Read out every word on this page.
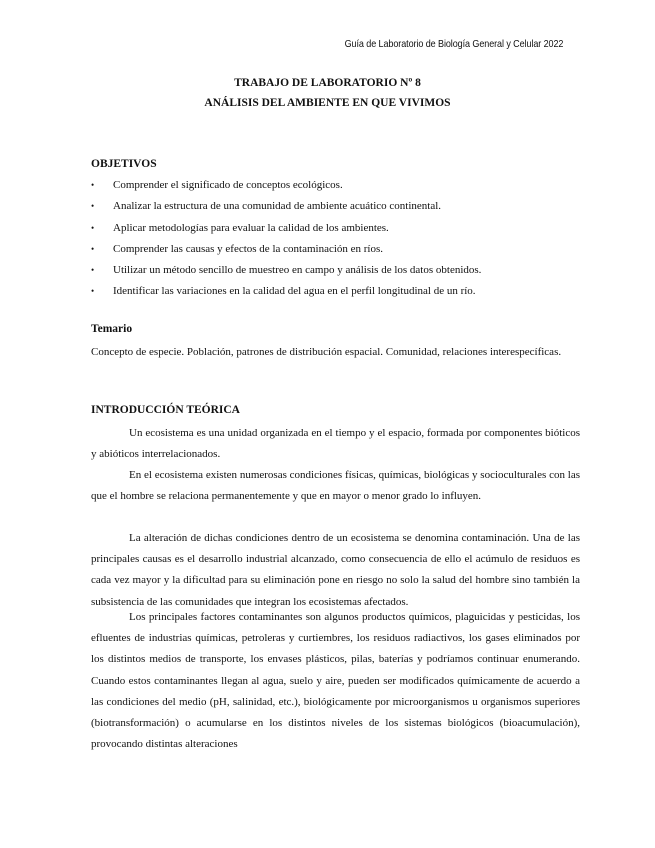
Guía de Laboratorio de Biología General y Celular 2022
TRABAJO DE LABORATORIO Nº 8
ANÁLISIS DEL AMBIENTE EN QUE VIVIMOS
OBJETIVOS
• Comprender el significado de conceptos ecológicos.
• Analizar la estructura de una comunidad de ambiente acuático continental.
• Aplicar metodologías para evaluar la calidad de los ambientes.
• Comprender las causas y efectos de la contaminación en ríos.
• Utilizar un método sencillo de muestreo en campo y análisis de los datos obtenidos.
• Identificar las variaciones en la calidad del agua en el perfil longitudinal de un río.
Temario

Concepto de especie. Población, patrones de distribución espacial. Comunidad, relaciones interespecíficas.

INTRODUCCIÓN TEÓRICA

Un ecosistema es una unidad organizada en el tiempo y el espacio, formada por componentes bióticos y abióticos interrelacionados.

En el ecosistema existen numerosas condiciones físicas, químicas, biológicas y socioculturales con las que el hombre se relaciona permanentemente y que en mayor o menor grado lo influyen.

La alteración de dichas condiciones dentro de un ecosistema se denomina contaminación. Una de las principales causas es el desarrollo industrial alcanzado, como consecuencia de ello el acúmulo de residuos es cada vez mayor y la dificultad para su eliminación pone en riesgo no solo la salud del hombre sino también la subsistencia de las comunidades que integran los ecosistemas afectados.

Los principales factores contaminantes son algunos productos químicos, plaguicidas y pesticidas, los efluentes de industrias químicas, petroleras y curtiembres, los residuos radiactivos, los gases eliminados por los distintos medios de transporte, los envases plásticos, pilas, baterías y podríamos continuar enumerando. Cuando estos contaminantes llegan al agua, suelo y aire, pueden ser modificados químicamente de acuerdo a las condiciones del medio (pH, salinidad, etc.), biológicamente por microorganismos u organismos superiores (biotransformación) o acumularse en los distintos niveles de los sistemas biológicos (bioacumulación), provocando distintas alteraciones
